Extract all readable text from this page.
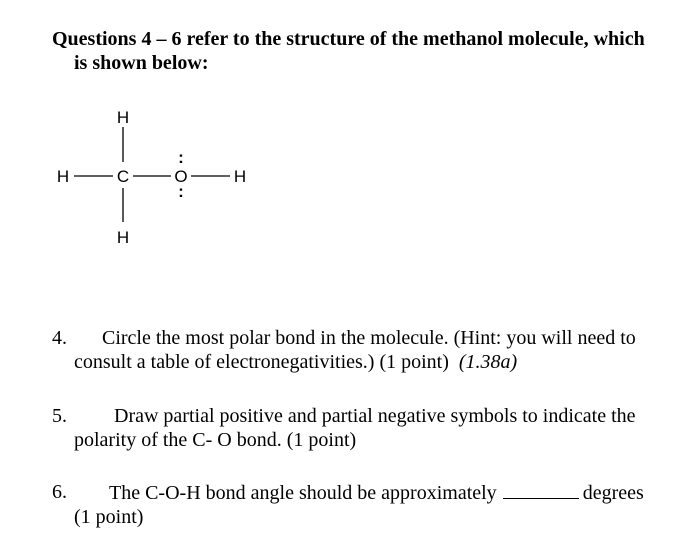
Questions 4 – 6 refer to the structure of the methanol molecule, which
is shown below:
H
H	C	O	H
H
:
:
4.	Circle the most polar bond in the molecule. (Hint: you will need to
consult a table of electronegativities.) (1 point) (1.38a)
5.	Draw partial positive and partial negative symbols to indicate the
polarity of the C- O bond. (1 point)
6.	The C-O-H bond angle should be approximately	degrees
(1 point)
